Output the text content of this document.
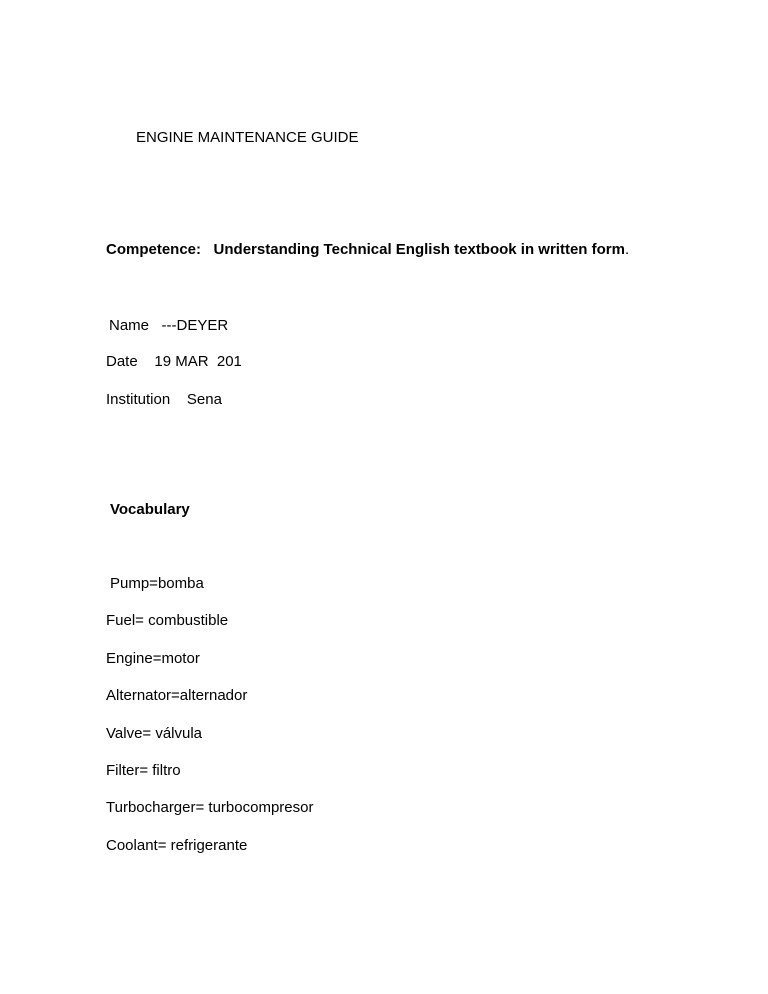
ENGINE MAINTENANCE GUIDE
Competence: Understanding Technical English textbook in written form.
Name   ---DEYER
Date    19 MAR  201
Institution    Sena
Vocabulary
Pump=bomba
Fuel= combustible
Engine=motor
Alternator=alternador
Valve= válvula
Filter= filtro
Turbocharger= turbocompresor
Coolant= refrigerante
